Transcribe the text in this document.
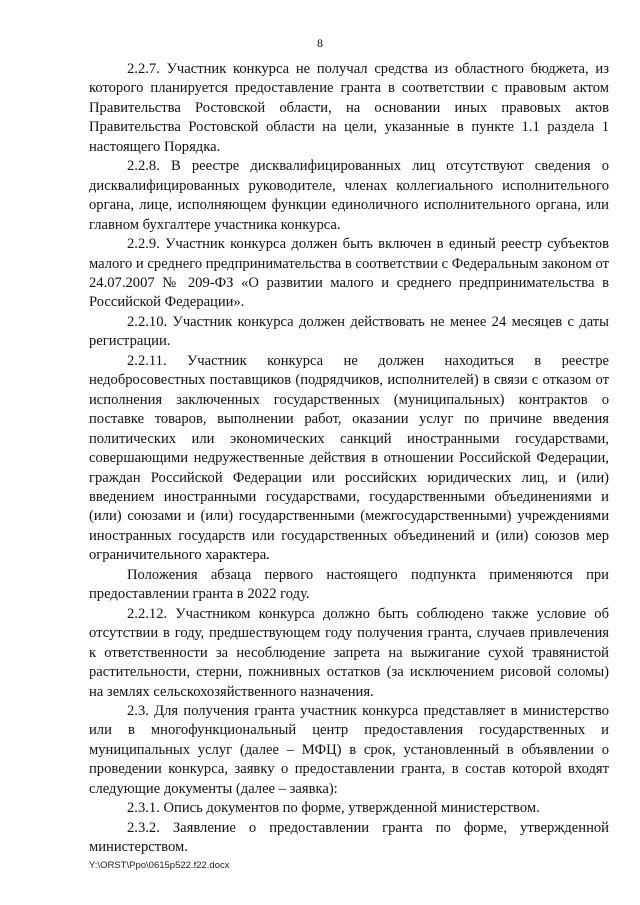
8

2.2.7. Участник конкурса не получал средства из областного бюджета, из которого планируется предоставление гранта в соответствии с правовым актом Правительства Ростовской области, на основании иных правовых актов Правительства Ростовской области на цели, указанные в пункте 1.1 раздела 1 настоящего Порядка.

2.2.8. В реестре дисквалифицированных лиц отсутствуют сведения о дисквалифицированных руководителе, членах коллегиального исполнительного органа, лице, исполняющем функции единоличного исполнительного органа, или главном бухгалтере участника конкурса.

2.2.9. Участник конкурса должен быть включен в единый реестр субъектов малого и среднего предпринимательства в соответствии с Федеральным законом от 24.07.2007 № 209-ФЗ «О развитии малого и среднего предпринимательства в Российской Федерации».

2.2.10. Участник конкурса должен действовать не менее 24 месяцев с даты регистрации.

2.2.11. Участник конкурса не должен находиться в реестре недобросовестных поставщиков (подрядчиков, исполнителей) в связи с отказом от исполнения заключенных государственных (муниципальных) контрактов о поставке товаров, выполнении работ, оказании услуг по причине введения политических или экономических санкций иностранными государствами, совершающими недружественные действия в отношении Российской Федерации, граждан Российской Федерации или российских юридических лиц, и (или) введением иностранными государствами, государственными объединениями и (или) союзами и (или) государственными (межгосударственными) учреждениями иностранных государств или государственных объединений и (или) союзов мер ограничительного характера.

Положения абзаца первого настоящего подпункта применяются при предоставлении гранта в 2022 году.

2.2.12. Участником конкурса должно быть соблюдено также условие об отсутствии в году, предшествующем году получения гранта, случаев привлечения к ответственности за несоблюдение запрета на выжигание сухой травянистой растительности, стерни, пожнивных остатков (за исключением рисовой соломы) на землях сельскохозяйственного назначения.

2.3. Для получения гранта участник конкурса представляет в министерство или в многофункциональный центр предоставления государственных и муниципальных услуг (далее – МФЦ) в срок, установленный в объявлении о проведении конкурса, заявку о предоставлении гранта, в состав которой входят следующие документы (далее – заявка):

2.3.1. Опись документов по форме, утвержденной министерством.

2.3.2. Заявление о предоставлении гранта по форме, утвержденной министерством.

Y:\ORST\Ppo\0615p522.f22.docx
